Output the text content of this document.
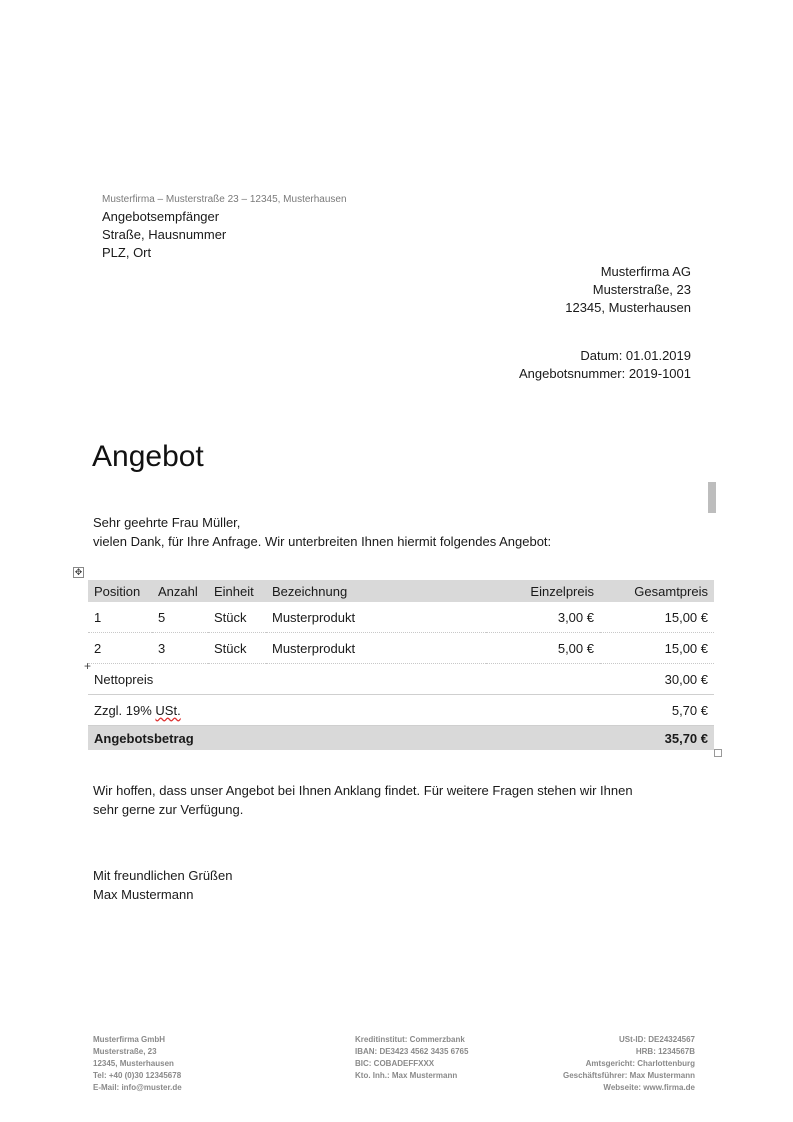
Musterfirma – Musterstraße 23 – 12345, Musterhausen
Angebotsempfänger
Straße, Hausnummer
PLZ, Ort
Musterfirma AG
Musterstraße, 23
12345, Musterhausen
Datum: 01.01.2019
Angebotsnummer: 2019-1001
Angebot
Sehr geehrte Frau Müller,
vielen Dank, für Ihre Anfrage. Wir unterbreiten Ihnen hiermit folgendes Angebot:
✥
+
Position	Anzahl	Einheit	Bezeichnung	Einzelpreis	Gesamtpreis
1	5	Stück	Musterprodukt	3,00 €	15,00 €
2	3	Stück	Musterprodukt	5,00 €	15,00 €
Nettopreis					30,00 €
Zzgl. 19% USt.					5,70 €
Angebotsbetrag					35,70 €
Wir hoffen, dass unser Angebot bei Ihnen Anklang findet. Für weitere Fragen stehen wir Ihnen
sehr gerne zur Verfügung.
Mit freundlichen Grüßen
Max Mustermann
Musterfirma GmbH
Musterstraße, 23
12345, Musterhausen
Tel: +40 (0)30 12345678
E-Mail: info@muster.de
Kreditinstitut: Commerzbank
IBAN: DE3423 4562 3435 6765
BIC: COBADEFFXXX
Kto. Inh.: Max Mustermann
USt-ID: DE24324567
HRB: 1234567B
Amtsgericht: Charlottenburg
Geschäftsführer: Max Mustermann
Webseite: www.firma.de
